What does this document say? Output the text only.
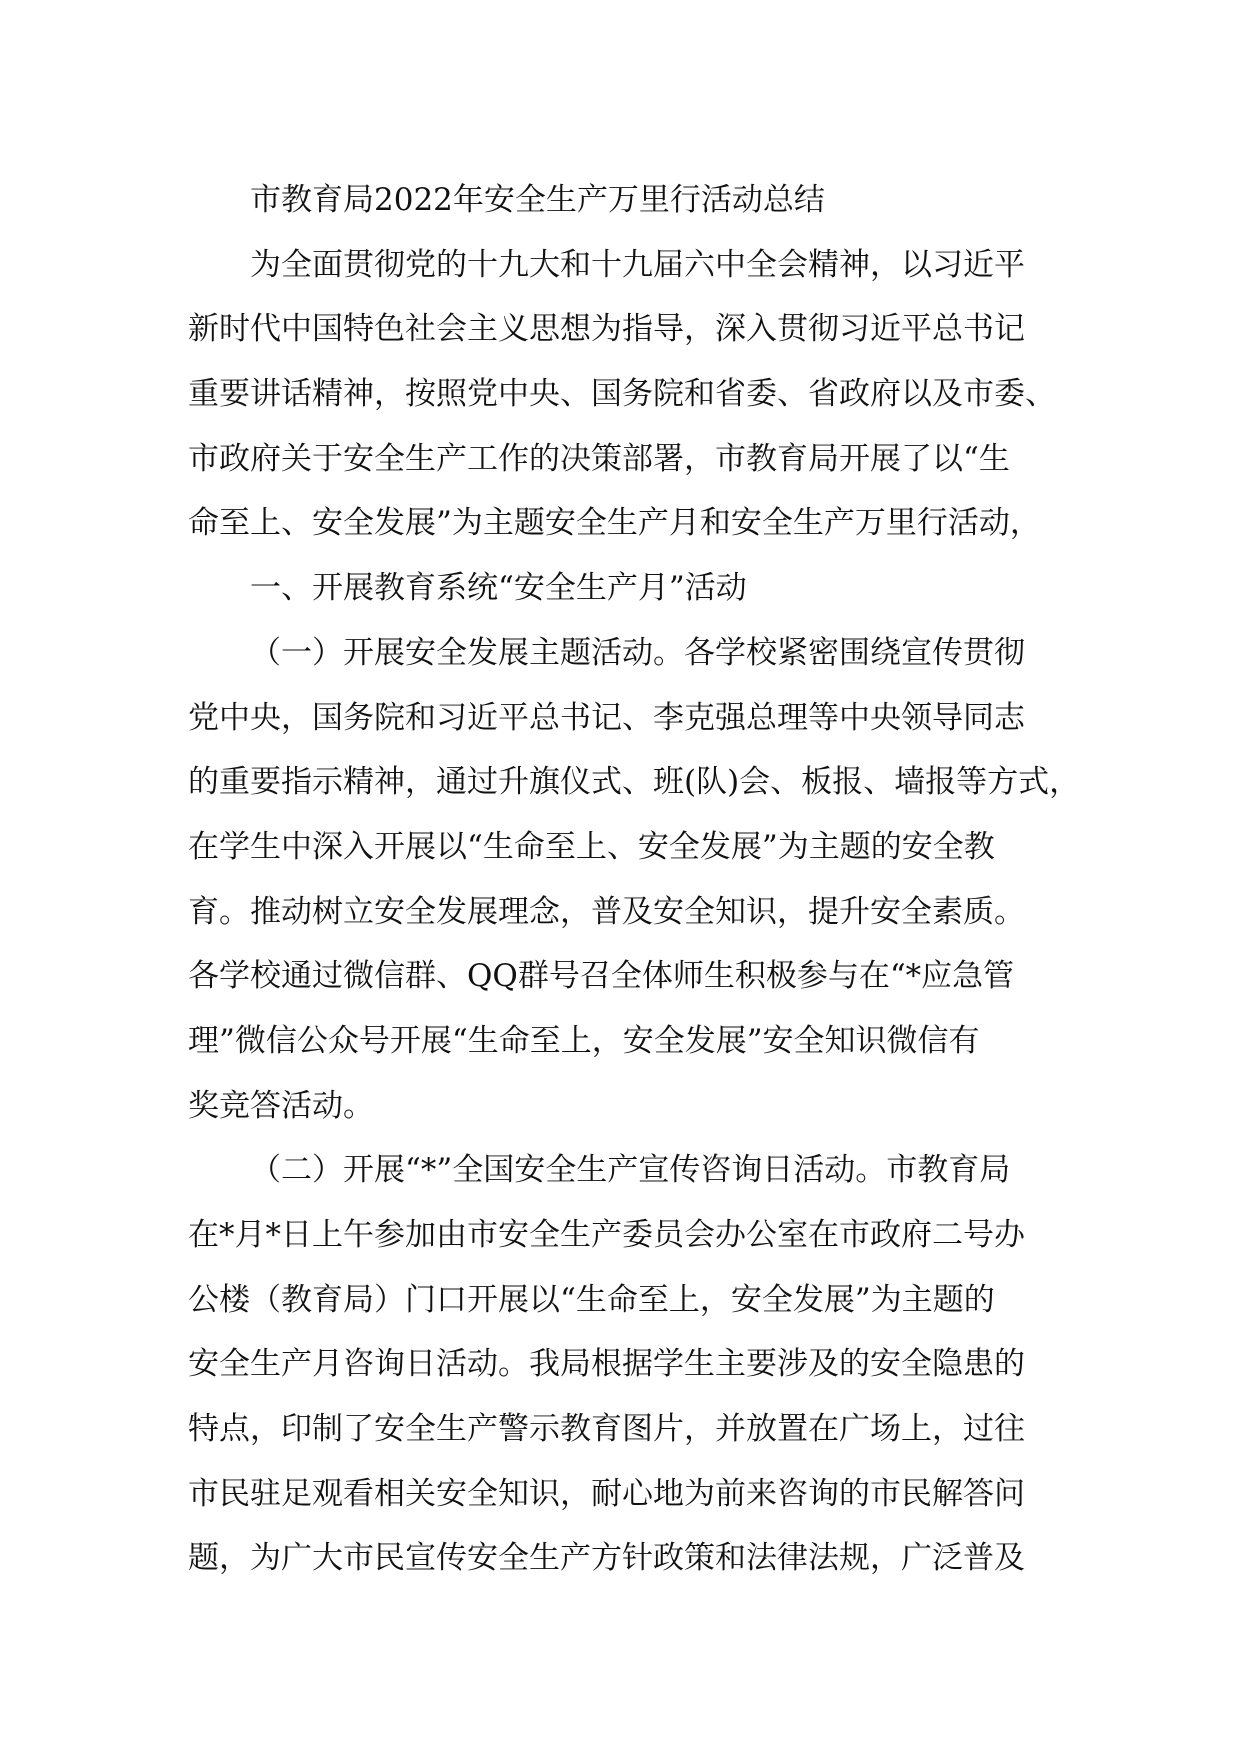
市教育局2022年安全生产万里行活动总结
为全面贯彻党的十九大和十九届六中全会精神，以习近平
新时代中国特色社会主义思想为指导，深入贯彻习近平总书记
重要讲话精神，按照党中央、国务院和省委、省政府以及市委、
市政府关于安全生产工作的决策部署，市教育局开展了以“生
命至上、安全发展”为主题安全生产月和安全生产万里行活动，
一、开展教育系统“安全生产月”活动
（一）开展安全发展主题活动。各学校紧密围绕宣传贯彻
党中央，国务院和习近平总书记、李克强总理等中央领导同志
的重要指示精神，通过升旗仪式、班(队)会、板报、墙报等方式，
在学生中深入开展以“生命至上、安全发展”为主题的安全教
育。推动树立安全发展理念，普及安全知识，提升安全素质。
各学校通过微信群、QQ群号召全体师生积极参与在“*应急管
理”微信公众号开展“生命至上，安全发展”安全知识微信有
奖竞答活动。
（二）开展“*”全国安全生产宣传咨询日活动。市教育局
在*月*日上午参加由市安全生产委员会办公室在市政府二号办
公楼（教育局）门口开展以“生命至上，安全发展”为主题的
安全生产月咨询日活动。我局根据学生主要涉及的安全隐患的
特点，印制了安全生产警示教育图片，并放置在广场上，过往
市民驻足观看相关安全知识，耐心地为前来咨询的市民解答问
题，为广大市民宣传安全生产方针政策和法律法规，广泛普及
